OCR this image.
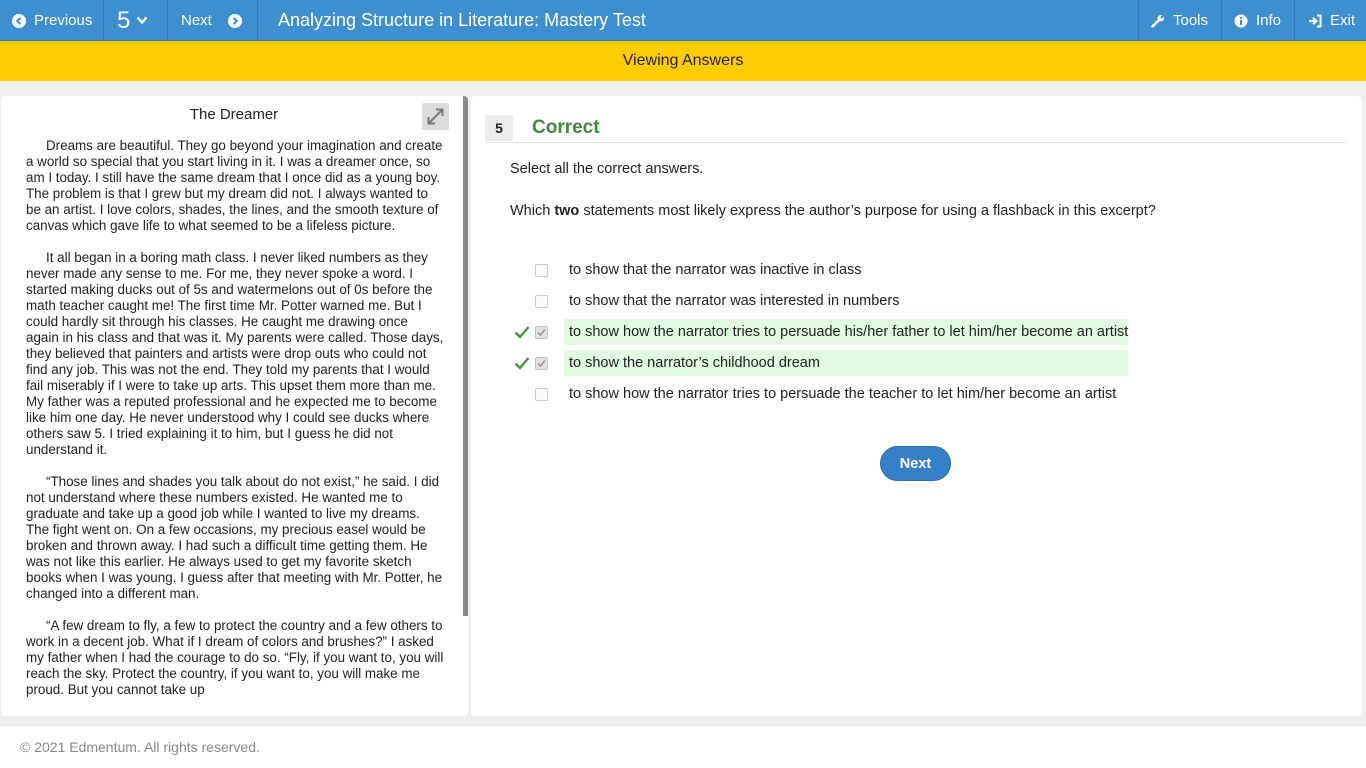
Previous 5	Next	Analyzing Structure in Literature: Mastery Test	Tools	Info	Exit
Viewing Answers
The Dreamer

Dreams are beautiful. They go beyond your imagination and create a world so special that you start living in it. I was a dreamer once, so am I today. I still have the same dream that I once did as a young boy. The problem is that I grew but my dream did not. I always wanted to be an artist. I love colors, shades, the lines, and the smooth texture of canvas which gave life to what seemed to be a lifeless picture.

It all began in a boring math class. I never liked numbers as they never made any sense to me. For me, they never spoke a word. I started making ducks out of 5s and watermelons out of 0s before the math teacher caught me! The first time Mr. Potter warned me. But I could hardly sit through his classes. He caught me drawing once again in his class and that was it. My parents were called. Those days, they believed that painters and artists were drop outs who could not find any job. This was not the end. They told my parents that I would fail miserably if I were to take up arts. This upset them more than me. My father was a reputed professional and he expected me to become like him one day. He never understood why I could see ducks where others saw 5. I tried explaining it to him, but I guess he did not understand it.

“Those lines and shades you talk about do not exist,” he said. I did not understand where these numbers existed. He wanted me to graduate and take up a good job while I wanted to live my dreams. The fight went on. On a few occasions, my precious easel would be broken and thrown away. I had such a difficult time getting them. He was not like this earlier. He always used to get my favorite sketch books when I was young. I guess after that meeting with Mr. Potter, he changed into a different man.

“A few dream to fly, a few to protect the country and a few others to work in a decent job. What if I dream of colors and brushes?” I asked my father when I had the courage to do so. “Fly, if you want to, you will reach the sky. Protect the country, if you want to, you will make me proud. But you cannot take up

5	Correct
Select all the correct answers.
Which two statements most likely express the author’s purpose for using a flashback in this excerpt?
to show that the narrator was inactive in class
to show that the narrator was interested in numbers
to show how the narrator tries to persuade his/her father to let him/her become an artist
to show the narrator’s childhood dream
to show how the narrator tries to persuade the teacher to let him/her become an artist
Next
© 2021 Edmentum. All rights reserved.
